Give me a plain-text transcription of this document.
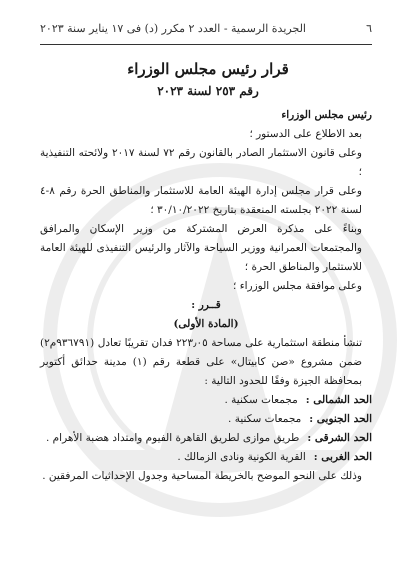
٦
الجريدة الرسمية - العدد ٢ مكرر (د) فى ١٧ يناير سنة ٢٠٢٣
قرار رئيس مجلس الوزراء
رقم ٢٥٣ لسنة ٢٠٢٣

رئيس مجلس الوزراء

بعد الاطلاع على الدستور ؛

وعلى قانون الاستثمار الصادر بالقانون رقم ٧٢ لسنة ٢٠١٧ ولائحته التنفيذية ؛

وعلى قرار مجلس إدارة الهيئة العامة للاستثمار والمناطق الحرة رقم ٨-٤ لسنة ٢٠٢٢ بجلسته المنعقدة بتاريخ ٣٠/١٠/٢٠٢٢ ؛

وبناءً على مذكرة العرض المشتركة من وزير الإسكان والمرافق والمجتمعات العمرانية ووزير السياحة والآثار والرئيس التنفيذى للهيئة العامة للاستثمار والمناطق الحرة ؛

وعلى موافقة مجلس الوزراء ؛

قــرر :

(المادة الأولى)

تنشأ منطقة استثمارية على مساحة ٢٢٣٫٠٥ فدان تقريبًا تعادل (٩٣٦٧٩١م٢) ضمن مشروع «صن كابيتال» على قطعة رقم (١) مدينة حدائق أكتوبر بمحافظة الجيزة وفقًا للحدود التالية :

الحد الشمالى :
مجمعات سكنية .
الحد الجنوبى :
مجمعات سكنية .
الحد الشرقى :
طريق موازى لطريق القاهرة الفيوم وامتداد هضبة الأهرام .
الحد الغربى :
القرية الكونية ونادى الزمالك .

وذلك على النحو الموضح بالخريطة المساحية وجدول الإحداثيات المرفقين .
